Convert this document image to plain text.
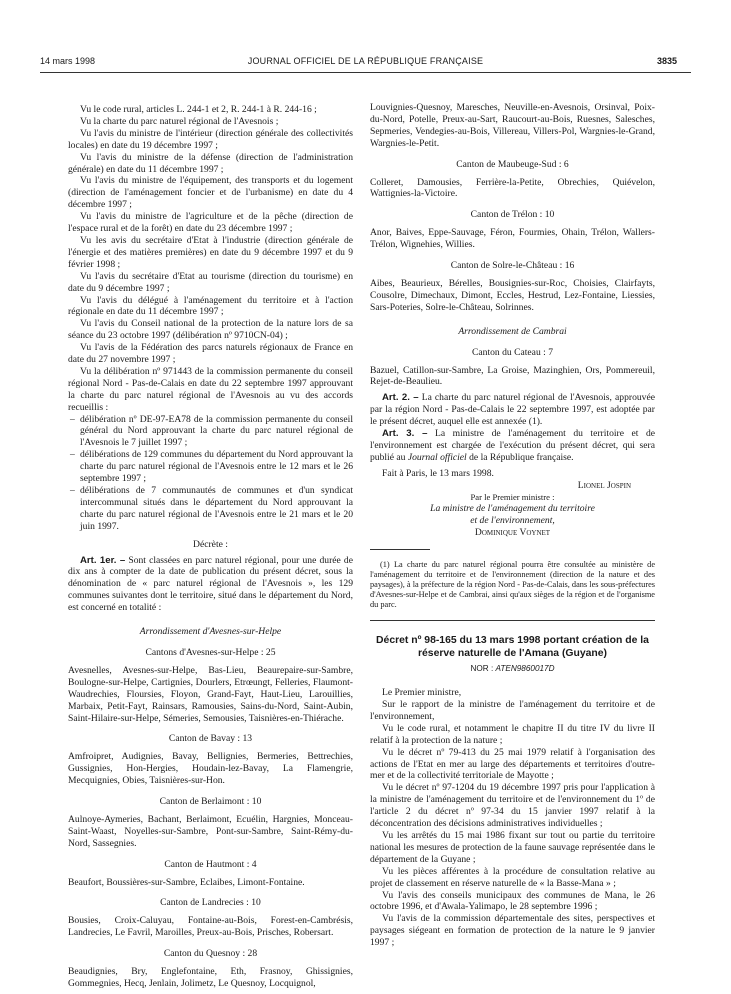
14 mars 1998	JOURNAL OFFICIEL DE LA RÉPUBLIQUE FRANÇAISE	3835

Vu le code rural, articles L. 244-1 et 2, R. 244-1 à R. 244-16 ;

Vu la charte du parc naturel régional de l'Avesnois ;

Vu l'avis du ministre de l'intérieur (direction générale des collectivités locales) en date du 19 décembre 1997 ;

Vu l'avis du ministre de la défense (direction de l'administration générale) en date du 11 décembre 1997 ;

Vu l'avis du ministre de l'équipement, des transports et du logement (direction de l'aménagement foncier et de l'urbanisme) en date du 4 décembre 1997 ;

Vu l'avis du ministre de l'agriculture et de la pêche (direction de l'espace rural et de la forêt) en date du 23 décembre 1997 ;

Vu les avis du secrétaire d'Etat à l'industrie (direction générale de l'énergie et des matières premières) en date du 9 décembre 1997 et du 9 février 1998 ;

Vu l'avis du secrétaire d'Etat au tourisme (direction du tourisme) en date du 9 décembre 1997 ;

Vu l'avis du délégué à l'aménagement du territoire et à l'action régionale en date du 11 décembre 1997 ;

Vu l'avis du Conseil national de la protection de la nature lors de sa séance du 23 octobre 1997 (délibération nº 9710CN-04) ;

Vu l'avis de la Fédération des parcs naturels régionaux de France en date du 27 novembre 1997 ;

Vu la délibération nº 971443 de la commission permanente du conseil régional Nord - Pas-de-Calais en date du 22 septembre 1997 approuvant la charte du parc naturel régional de l'Avesnois au vu des accords recueillis :

– délibération nº DE-97-EA78 de la commission permanente du conseil général du Nord approuvant la charte du parc naturel régional de l'Avesnois le 7 juillet 1997 ;

– délibérations de 129 communes du département du Nord approuvant la charte du parc naturel régional de l'Avesnois entre le 12 mars et le 26 septembre 1997 ;

– délibérations de 7 communautés de communes et d'un syndicat intercommunal situés dans le département du Nord approuvant la charte du parc naturel régional de l'Avesnois entre le 21 mars et le 20 juin 1997.

Décrète :

Art. 1er. – Sont classées en parc naturel régional, pour une durée de dix ans à compter de la date de publication du présent décret, sous la dénomination de « parc naturel régional de l'Avesnois », les 129 communes suivantes dont le territoire, situé dans le département du Nord, est concerné en totalité :

Arrondissement d'Avesnes-sur-Helpe

Cantons d'Avesnes-sur-Helpe : 25

Avesnelles, Avesnes-sur-Helpe, Bas-Lieu, Beaurepaire-sur-Sambre, Boulogne-sur-Helpe, Cartignies, Dourlers, Etrœungt, Felleries, Flaumont-Waudrechies, Floursies, Floyon, Grand-Fayt, Haut-Lieu, Larouillies, Marbaix, Petit-Fayt, Rainsars, Ramousies, Sains-du-Nord, Saint-Aubin, Saint-Hilaire-sur-Helpe, Sémeries, Semousies, Taisnières-en-Thiérache.

Canton de Bavay : 13

Amfroipret, Audignies, Bavay, Bellignies, Bermeries, Bettrechies, Gussignies, Hon-Hergies, Houdain-lez-Bavay, La Flamengrie, Mecquignies, Obies, Taisnières-sur-Hon.

Canton de Berlaimont : 10

Aulnoye-Aymeries, Bachant, Berlaimont, Ecuélin, Hargnies, Monceau-Saint-Waast, Noyelles-sur-Sambre, Pont-sur-Sambre, Saint-Rémy-du-Nord, Sassegnies.

Canton de Hautmont : 4

Beaufort, Boussières-sur-Sambre, Eclaibes, Limont-Fontaine.

Canton de Landrecies : 10

Bousies, Croix-Caluyau, Fontaine-au-Bois, Forest-en-Cambrésis, Landrecies, Le Favril, Maroilles, Preux-au-Bois, Prisches, Robersart.

Canton du Quesnoy : 28

Beaudignies, Bry, Englefontaine, Eth, Frasnoy, Ghissignies, Gommegnies, Hecq, Jenlain, Jolimetz, Le Quesnoy, Locquignol,

Louvignies-Quesnoy, Maresches, Neuville-en-Avesnois, Orsinval, Poix-du-Nord, Potelle, Preux-au-Sart, Raucourt-au-Bois, Ruesnes, Salesches, Sepmeries, Vendegies-au-Bois, Villereau, Villers-Pol, Wargnies-le-Grand, Wargnies-le-Petit.

Canton de Maubeuge-Sud : 6

Colleret, Damousies, Ferrière-la-Petite, Obrechies, Quiévelon, Wattignies-la-Victoire.

Canton de Trélon : 10

Anor, Baives, Eppe-Sauvage, Féron, Fourmies, Ohain, Trélon, Wallers-Trélon, Wignehies, Willies.

Canton de Solre-le-Château : 16

Aibes, Beaurieux, Bérelles, Bousignies-sur-Roc, Choisies, Clairfayts, Cousolre, Dimechaux, Dimont, Eccles, Hestrud, Lez-Fontaine, Liessies, Sars-Poteries, Solre-le-Château, Solrinnes.

Arrondissement de Cambrai

Canton du Cateau : 7

Bazuel, Catillon-sur-Sambre, La Groise, Mazinghien, Ors, Pommereuil, Rejet-de-Beaulieu.

Art. 2. – La charte du parc naturel régional de l'Avesnois, approuvée par la région Nord - Pas-de-Calais le 22 septembre 1997, est adoptée par le présent décret, auquel elle est annexée (1).

Art. 3. – La ministre de l'aménagement du territoire et de l'environnement est chargée de l'exécution du présent décret, qui sera publié au Journal officiel de la République française.

Fait à Paris, le 13 mars 1998.

Lionel Jospin

Par le Premier ministre :

La ministre de l'aménagement du territoire

et de l'environnement,

Dominique Voynet

(1) La charte du parc naturel régional pourra être consultée au ministère de l'aménagement du territoire et de l'environnement (direction de la nature et des paysages), à la préfecture de la région Nord - Pas-de-Calais, dans les sous-préfectures d'Avesnes-sur-Helpe et de Cambrai, ainsi qu'aux sièges de la région et de l'organisme du parc.

Décret nº 98-165 du 13 mars 1998 portant création de la réserve naturelle de l'Amana (Guyane)

NOR : ATEN9860017D

Le Premier ministre,

Sur le rapport de la ministre de l'aménagement du territoire et de l'environnement,

Vu le code rural, et notamment le chapitre II du titre IV du livre II relatif à la protection de la nature ;

Vu le décret nº 79-413 du 25 mai 1979 relatif à l'organisation des actions de l'Etat en mer au large des départements et territoires d'outre-mer et de la collectivité territoriale de Mayotte ;

Vu le décret nº 97-1204 du 19 décembre 1997 pris pour l'application à la ministre de l'aménagement du territoire et de l'environnement du 1º de l'article 2 du décret nº 97-34 du 15 janvier 1997 relatif à la déconcentration des décisions administratives individuelles ;

Vu les arrêtés du 15 mai 1986 fixant sur tout ou partie du territoire national les mesures de protection de la faune sauvage représentée dans le département de la Guyane ;

Vu les pièces afférentes à la procédure de consultation relative au projet de classement en réserve naturelle de « la Basse-Mana » ;

Vu l'avis des conseils municipaux des communes de Mana, le 26 octobre 1996, et d'Awala-Yalimapo, le 28 septembre 1996 ;

Vu l'avis de la commission départementale des sites, perspectives et paysages siégeant en formation de protection de la nature le 9 janvier 1997 ;
